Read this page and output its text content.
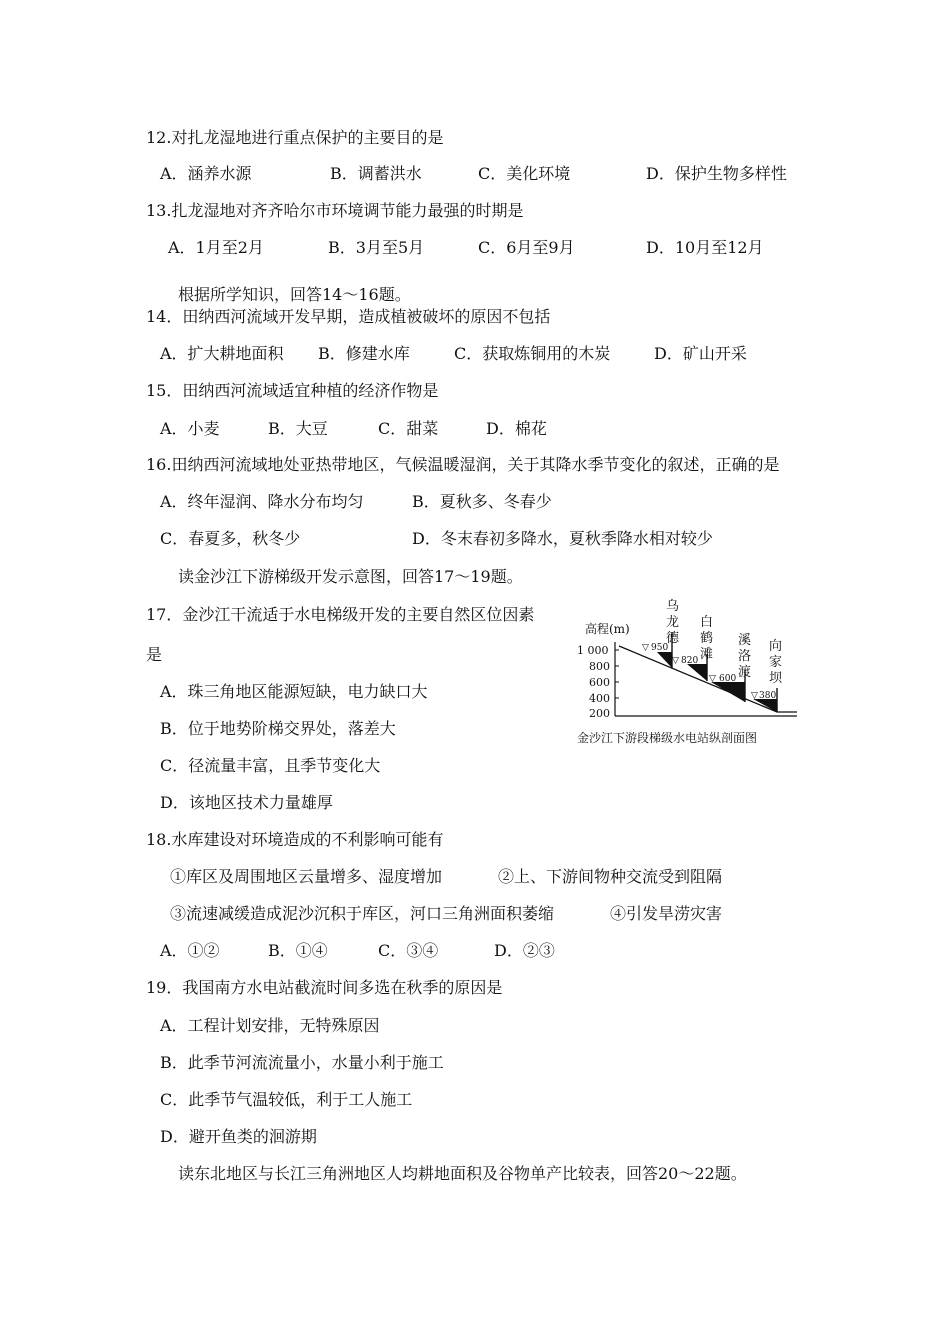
12.对扎龙湿地进行重点保护的主要目的是
A．涵养水源	B．调蓄洪水	C．美化环境	D．保护生物多样性
13.扎龙湿地对齐齐哈尔市环境调节能力最强的时期是
A．1月至2月	B．3月至5月	C．6月至9月	D．10月至12月
根据所学知识，回答14～16题。
14．田纳西河流域开发早期，造成植被破坏的原因不包括
A．扩大耕地面积 B．修建水库	C．获取炼铜用的木炭	D．矿山开采
15．田纳西河流域适宜种植的经济作物是
A．小麦	B．大豆	C．甜菜	D．棉花
16.田纳西河流域地处亚热带地区，气候温暖湿润，关于其降水季节变化的叙述，正确的是
A．终年湿润、降水分布均匀	B．夏秋多、冬春少
C．春夏多，秋冬少	D．冬末春初多降水，夏秋季降水相对较少
读金沙江下游梯级开发示意图，回答17～19题。
17．金沙江干流适于水电梯级开发的主要自然区位因素
是
A．珠三角地区能源短缺，电力缺口大
B．位于地势阶梯交界处，落差大
C．径流量丰富，且季节变化大
D．该地区技术力量雄厚
高程(m)
1 000
800
600
400
200
▽ 950
▽ 820
▽ 600
▽ 380
乌
龙
德
白
鹤
滩
溪
洛
渡
向
家
坝
金沙江下游段梯级水电站纵剖面图
18.水库建设对环境造成的不利影响可能有
①库区及周围地区云量增多、湿度增加	②上、下游间物种交流受到阻隔
③流速减缓造成泥沙沉积于库区，河口三角洲面积萎缩	④引发旱涝灾害
A．①②	B．①④	C．③④	D．②③
19．我国南方水电站截流时间多选在秋季的原因是
A．工程计划安排，无特殊原因
B．此季节河流流量小，水量小利于施工
C．此季节气温较低，利于工人施工
D．避开鱼类的洄游期
读东北地区与长江三角洲地区人均耕地面积及谷物单产比较表，回答20～22题。
